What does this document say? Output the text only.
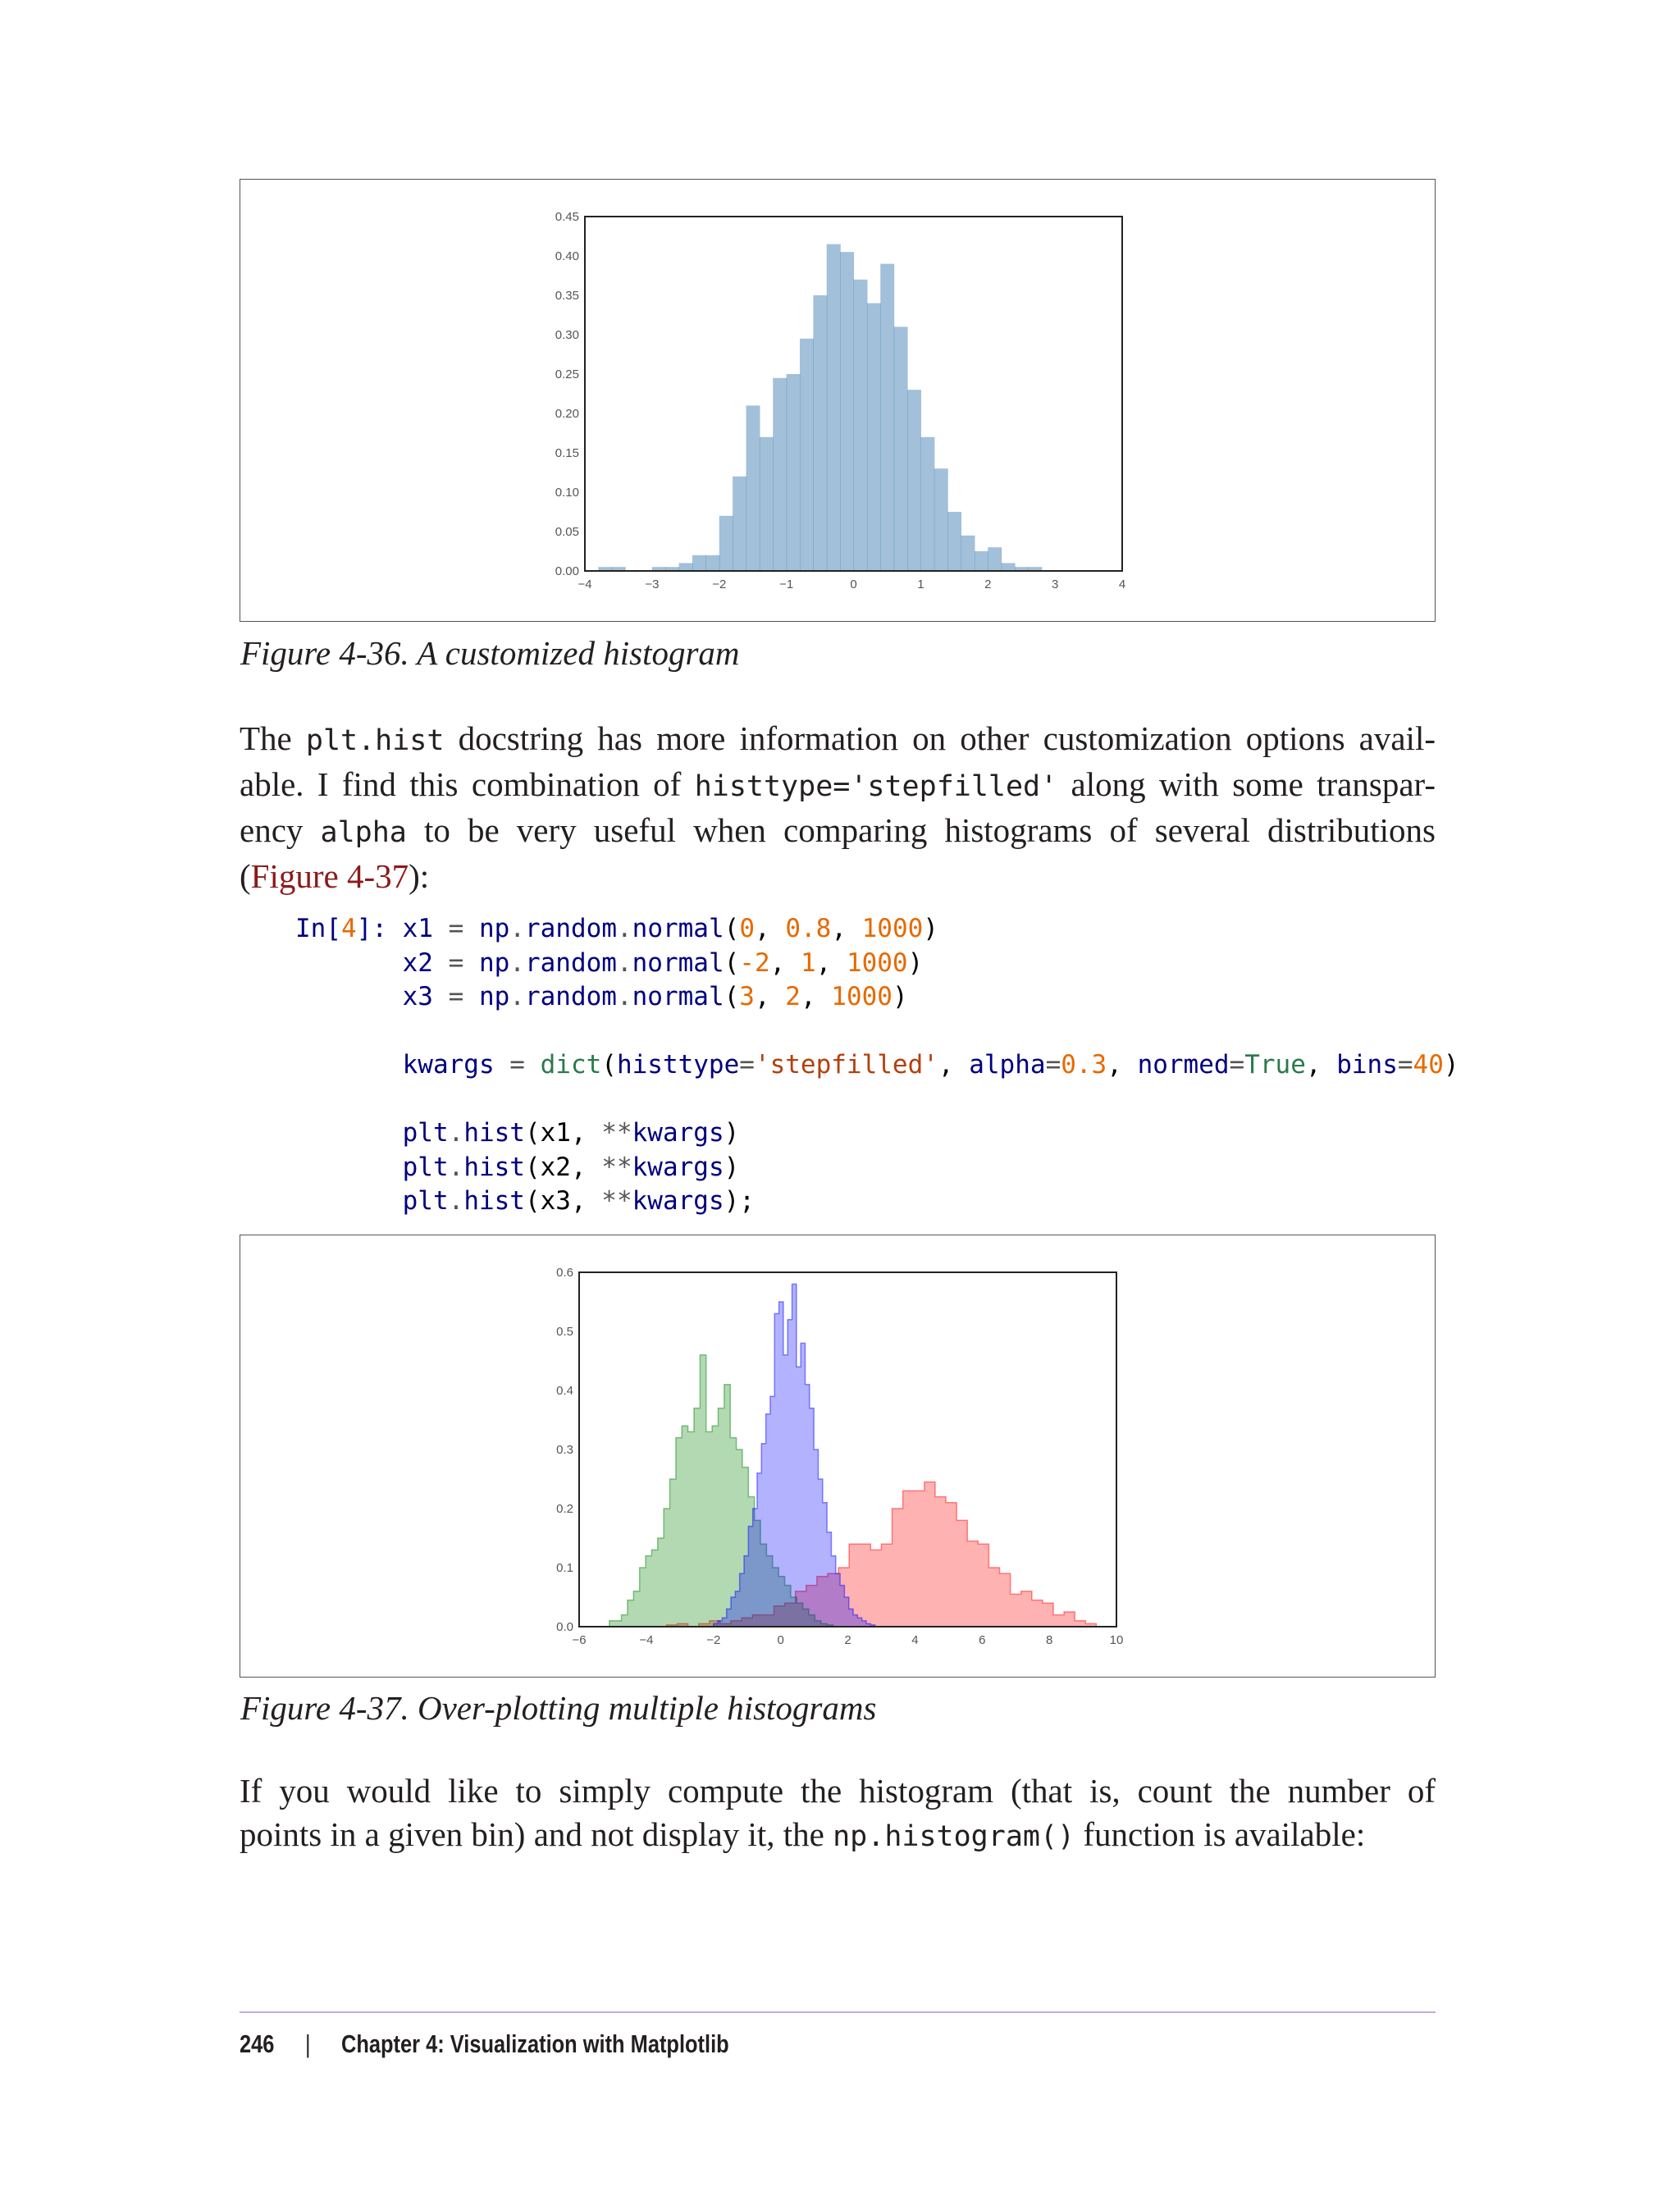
−4	−3	−2	−1	0	1	2	3	4
0.00
0.05
0.10
0.15
0.20
0.25
0.30
0.35
0.40
0.45
Figure 4-36. A customized histogram
The plt.hist docstring has more information on other customization options avail-
able. I find this combination of histtype='stepfilled' along with some transpar-
ency alpha to be very useful when comparing histograms of several distributions
(Figure 4-37):
In[4]: x1 = np.random.normal(0, 0.8, 1000)
x2 = np.random.normal(-2, 1, 1000)
x3 = np.random.normal(3, 2, 1000)

kwargs = dict(histtype='stepfilled', alpha=0.3, normed=True, bins=40)

plt.hist(x1, **kwargs)
plt.hist(x2, **kwargs)
plt.hist(x3, **kwargs);
−6	−4	−2	0	2	4	6	8	10
0.0
0.1
0.2
0.3
0.4
0.5
0.6
Figure 4-37. Over-plotting multiple histograms
If you would like to simply compute the histogram (that is, count the number of
points in a given bin) and not display it, the np.histogram() function is available:
246 | Chapter 4: Visualization with Matplotlib
